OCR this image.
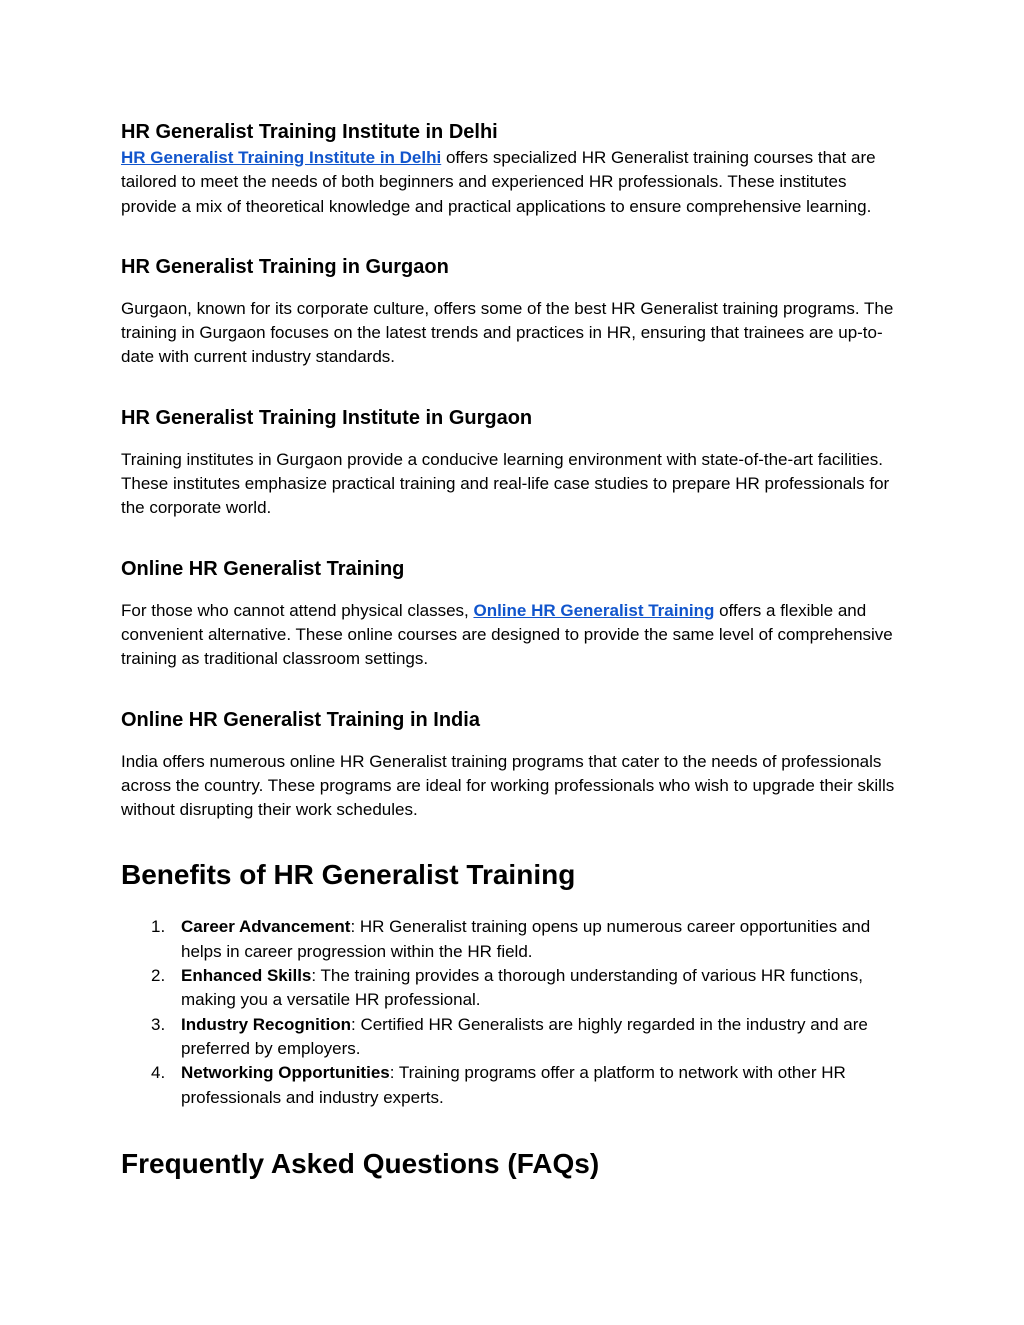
HR Generalist Training Institute in Delhi

HR Generalist Training Institute in Delhi offers specialized HR Generalist training courses that are tailored to meet the needs of both beginners and experienced HR professionals. These institutes provide a mix of theoretical knowledge and practical applications to ensure comprehensive learning.

HR Generalist Training in Gurgaon

Gurgaon, known for its corporate culture, offers some of the best HR Generalist training programs. The training in Gurgaon focuses on the latest trends and practices in HR, ensuring that trainees are up-to-date with current industry standards.

HR Generalist Training Institute in Gurgaon

Training institutes in Gurgaon provide a conducive learning environment with state-of-the-art facilities. These institutes emphasize practical training and real-life case studies to prepare HR professionals for the corporate world.

Online HR Generalist Training

For those who cannot attend physical classes, Online HR Generalist Training offers a flexible and convenient alternative. These online courses are designed to provide the same level of comprehensive training as traditional classroom settings.

Online HR Generalist Training in India

India offers numerous online HR Generalist training programs that cater to the needs of professionals across the country. These programs are ideal for working professionals who wish to upgrade their skills without disrupting their work schedules.

Benefits of HR Generalist Training
1. Career Advancement: HR Generalist training opens up numerous career opportunities and helps in career progression within the HR field.
2. Enhanced Skills: The training provides a thorough understanding of various HR functions, making you a versatile HR professional.
3. Industry Recognition: Certified HR Generalists are highly regarded in the industry and are preferred by employers.
4. Networking Opportunities: Training programs offer a platform to network with other HR professionals and industry experts.
Frequently Asked Questions (FAQs)
